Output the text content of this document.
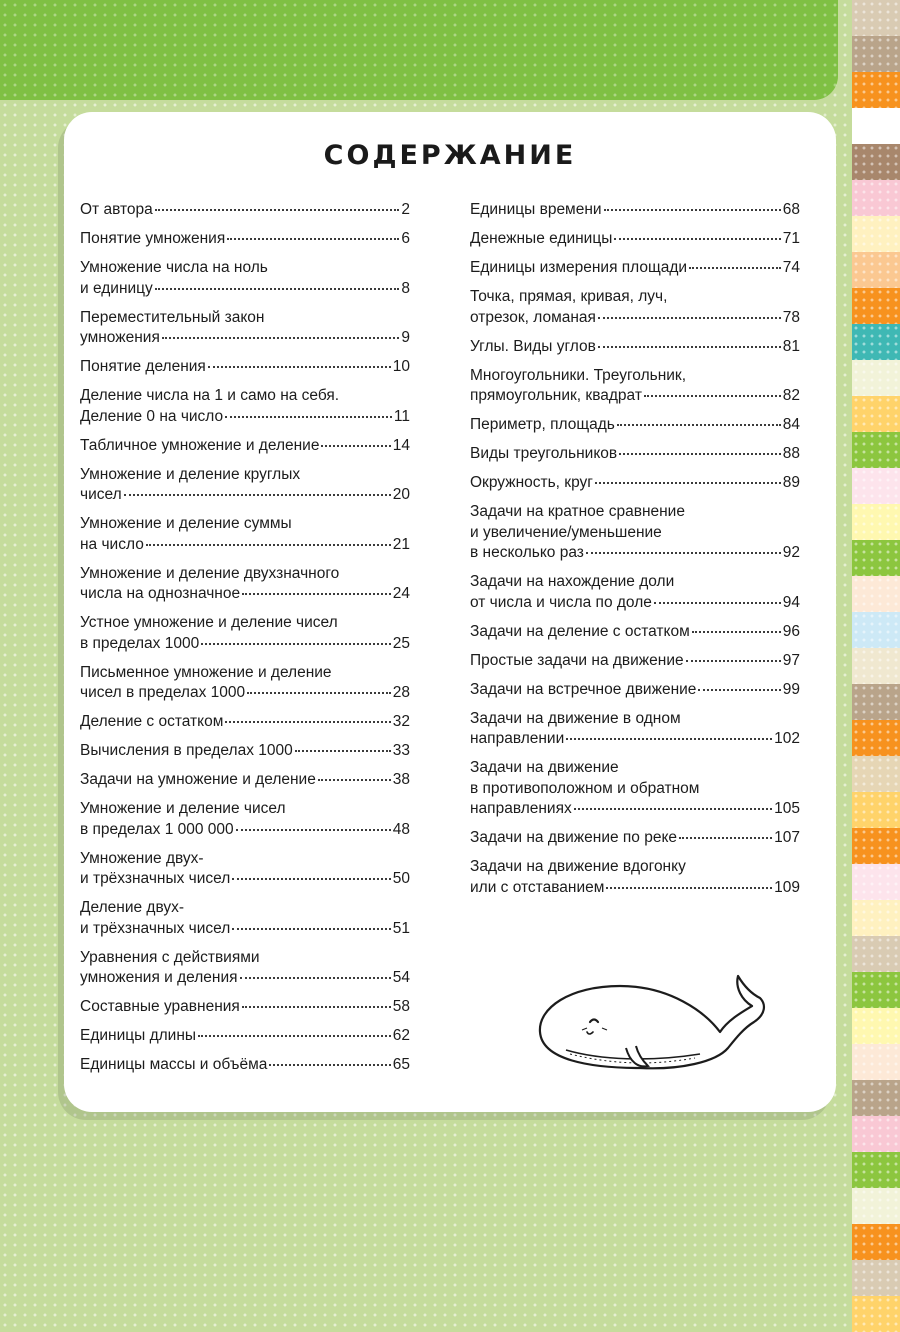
СОДЕРЖАНИЕ
От автора	2
Понятие умножения	6
Умножение числа на ноль
и единицу	8
Переместительный закон
умножения	9
Понятие деления	10
Деление числа на 1 и само на себя.
Деление 0 на число	11
Табличное умножение и деление	14
Умножение и деление круглых
чисел	20
Умножение и деление суммы
на число	21
Умножение и деление двухзначного
числа на однозначное	24
Устное умножение и деление чисел
в пределах 1000	25
Письменное умножение и деление
чисел в пределах 1000	28
Деление с остатком	32
Вычисления в пределах 1000	33
Задачи на умножение и деление	38
Умножение и деление чисел
в пределах 1 000 000	48
Умножение двух-
и трёхзначных чисел	50
Деление двух-
и трёхзначных чисел	51
Уравнения с действиями
умножения и деления	54
Составные уравнения	58
Единицы длины	62
Единицы массы и объёма	65
Единицы времени	68
Денежные единицы	71
Единицы измерения площади	74
Точка, прямая, кривая, луч,
отрезок, ломаная	78
Углы. Виды углов	81
Многоугольники. Треугольник,
прямоугольник, квадрат	82
Периметр, площадь	84
Виды треугольников	88
Окружность, круг	89
Задачи на кратное сравнение
и увеличение/уменьшение
в несколько раз	92
Задачи на нахождение доли
от числа и числа по доле	94
Задачи на деление с остатком	96
Простые задачи на движение	97
Задачи на встречное движение	99
Задачи на движение в одном
направлении	102
Задачи на движение
в противоположном и обратном
направлениях	105
Задачи на движение по реке	107
Задачи на движение вдогонку
или с отставанием	109
